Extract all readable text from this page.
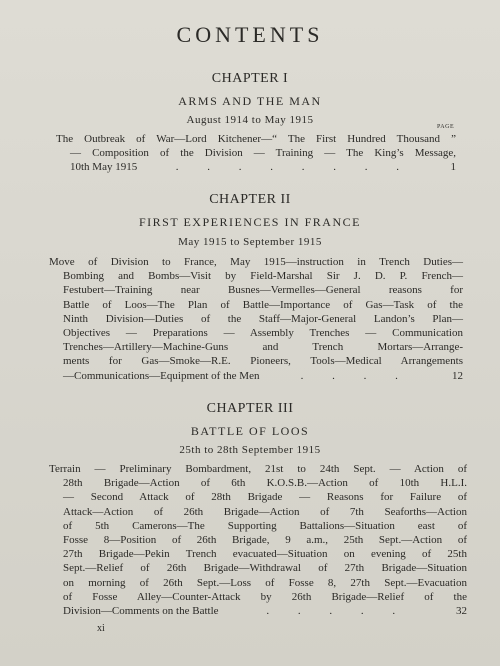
CONTENTS
CHAPTER I
ARMS AND THE MAN
August 1914 to May 1915
PAGE
The Outbreak of War—Lord Kitchener—“ The First Hundred Thousand ”
— Composition of the Division — Training — The King’s Message,
10th May 1915	. . . . . . . .	1
CHAPTER II
FIRST EXPERIENCES IN FRANCE
May 1915 to September 1915
Move of Division to France, May 1915—instruction in Trench Duties—
Bombing and Bombs—Visit by Field-Marshal Sir J. D. P. French—
Festubert—Training near Busnes—Vermelles—General reasons for
Battle of Loos—The Plan of Battle—Importance of Gas—Task of the
Ninth Division—Duties of the Staff—Major-General Landon’s Plan—
Objectives — Preparations — Assembly Trenches — Communication
Trenches—Artillery—Machine-Guns and Trench Mortars—Arrange-
ments for Gas—Smoke—R.E. Pioneers, Tools—Medical Arrangements
—Communications—Equipment of the Men	. . . .	12
CHAPTER III
BATTLE OF LOOS
25th to 28th September 1915
Terrain — Preliminary Bombardment, 21st to 24th Sept. — Action of
28th Brigade—Action of 6th K.O.S.B.—Action of 10th H.L.I.
— Second Attack of 28th Brigade — Reasons for Failure of
Attack—Action of 26th Brigade—Action of 7th Seaforths—Action
of 5th Camerons—The Supporting Battalions—Situation east of
Fosse 8—Position of 26th Brigade, 9 a.m., 25th Sept.—Action of
27th Brigade—Pekin Trench evacuated—Situation on evening of 25th
Sept.—Relief of 26th Brigade—Withdrawal of 27th Brigade—Situation
on morning of 26th Sept.—Loss of Fosse 8, 27th Sept.—Evacuation
of Fosse Alley—Counter-Attack by 26th Brigade—Relief of the
Division—Comments on the Battle	. . . . .	32
xi
